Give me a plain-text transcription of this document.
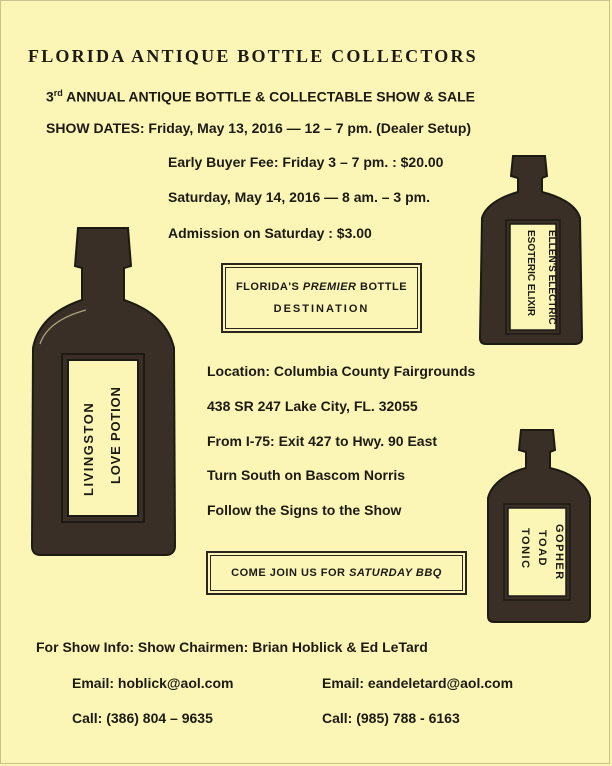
FLORIDA ANTIQUE BOTTLE COLLECTORS
3rd ANNUAL ANTIQUE BOTTLE & COLLECTABLE SHOW & SALE
SHOW DATES: Friday, May 13, 2016 — 12 – 7 pm. (Dealer Setup)
Early Buyer Fee: Friday 3 – 7 pm. : $20.00
Saturday, May 14, 2016 — 8 am. – 3 pm.
Admission on Saturday : $3.00
FLORIDA'S PREMIER BOTTLE
DESTINATION
Location: Columbia County Fairgrounds
438 SR 247 Lake City, FL. 32055
From I-75: Exit 427 to Hwy. 90 East
Turn South on Bascom Norris
Follow the Signs to the Show
COME JOIN US FOR SATURDAY BBQ
LIVINGSTON LOVE POTION
ELLEN'S ELECTRIC
ESOTERIC ELIXIR
GOPHER
TOAD
TONIC
For Show Info: Show Chairmen: Brian Hoblick & Ed LeTard
Email: hoblick@aol.com
Call: (386) 804 – 9635
Email: eandeletard@aol.com
Call: (985) 788 - 6163
